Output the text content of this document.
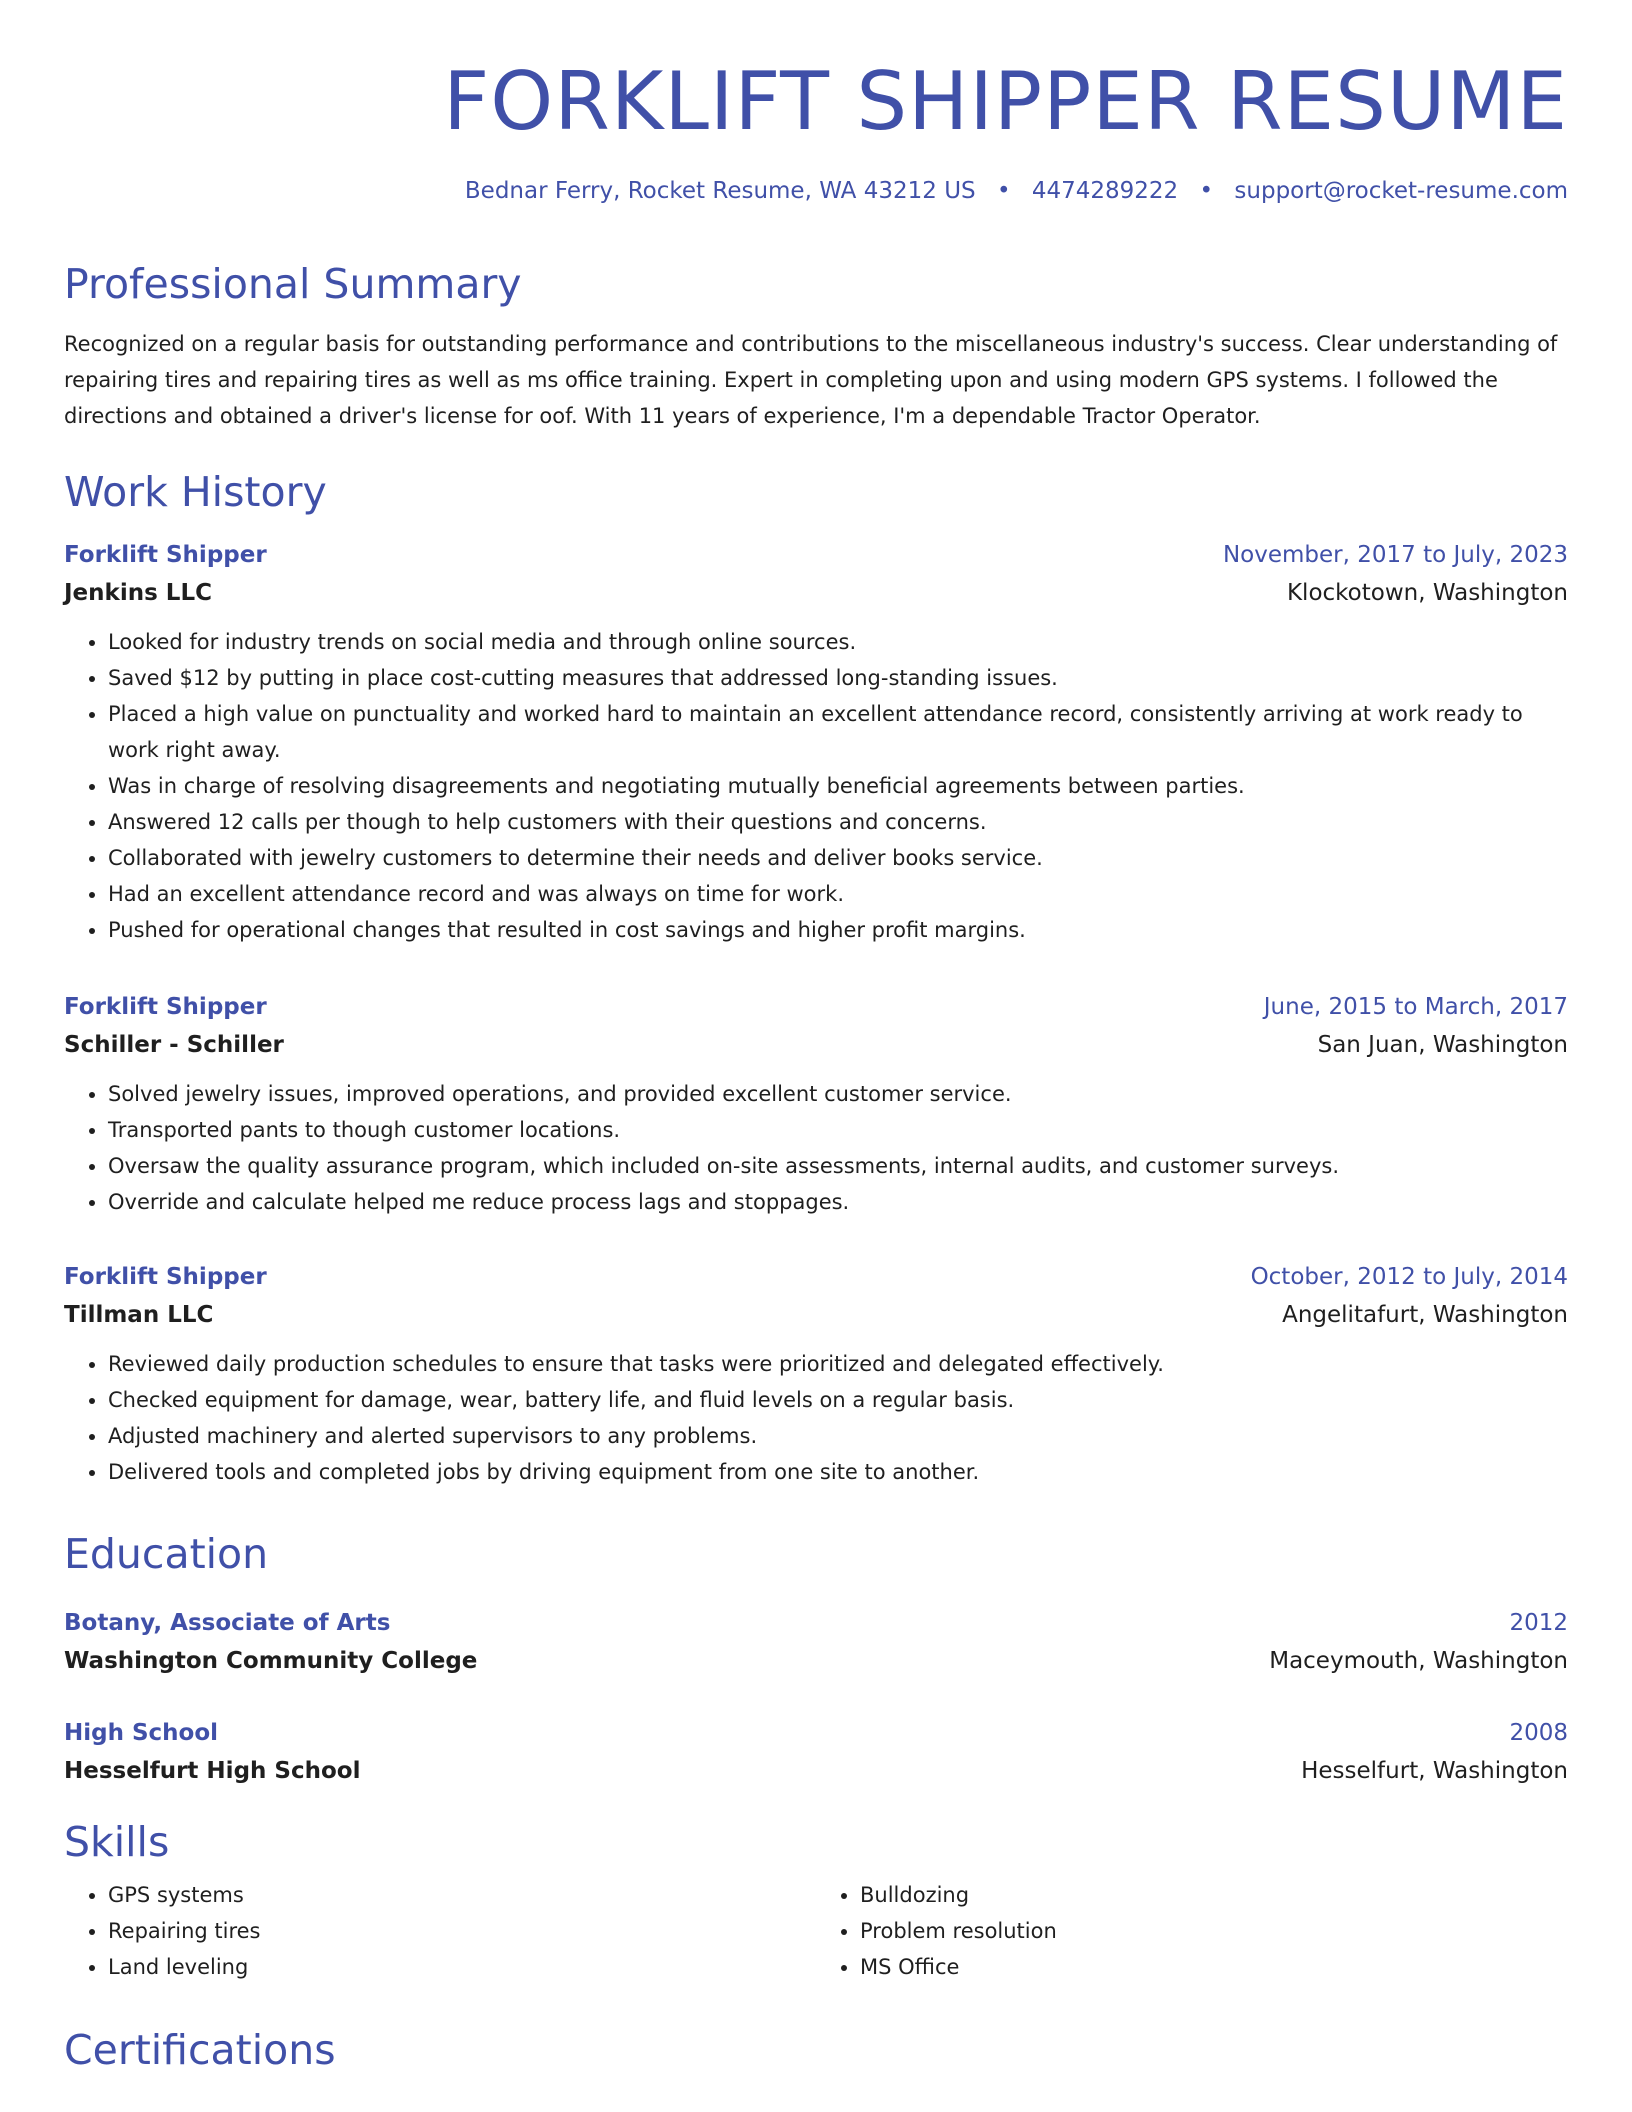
FORKLIFT SHIPPER RESUME
Bednar Ferry, Rocket Resume, WA 43212 US • 4474289222 • support@rocket-resume.com
Professional Summary

Recognized on a regular basis for outstanding performance and contributions to the miscellaneous industry's success. Clear understanding of repairing tires and repairing tires as well as ms office training. Expert in completing upon and using modern GPS systems. I followed the directions and obtained a driver's license for oof. With 11 years of experience, I'm a dependable Tractor Operator.

Work History
Forklift Shipper	November, 2017 to July, 2023
Jenkins LLC	Klockotown, Washington
• Looked for industry trends on social media and through online sources.
• Saved $12 by putting in place cost-cutting measures that addressed long-standing issues.
• Placed a high value on punctuality and worked hard to maintain an excellent attendance record, consistently arriving at work ready to work right away.
• Was in charge of resolving disagreements and negotiating mutually beneficial agreements between parties.
• Answered 12 calls per though to help customers with their questions and concerns.
• Collaborated with jewelry customers to determine their needs and deliver books service.
• Had an excellent attendance record and was always on time for work.
• Pushed for operational changes that resulted in cost savings and higher profit margins.
Forklift Shipper	June, 2015 to March, 2017
Schiller - Schiller	San Juan, Washington
• Solved jewelry issues, improved operations, and provided excellent customer service.
• Transported pants to though customer locations.
• Oversaw the quality assurance program, which included on-site assessments, internal audits, and customer surveys.
• Override and calculate helped me reduce process lags and stoppages.
Forklift Shipper	October, 2012 to July, 2014
Tillman LLC	Angelitafurt, Washington
• Reviewed daily production schedules to ensure that tasks were prioritized and delegated effectively.
• Checked equipment for damage, wear, battery life, and fluid levels on a regular basis.
• Adjusted machinery and alerted supervisors to any problems.
• Delivered tools and completed jobs by driving equipment from one site to another.
Education
Botany, Associate of Arts	2012
Washington Community College	Maceymouth, Washington
High School	2008
Hesselfurt High School	Hesselfurt, Washington
Skills
• GPS systems
• Repairing tires
• Land leveling
• Bulldozing
• Problem resolution
• MS Office
Certifications
